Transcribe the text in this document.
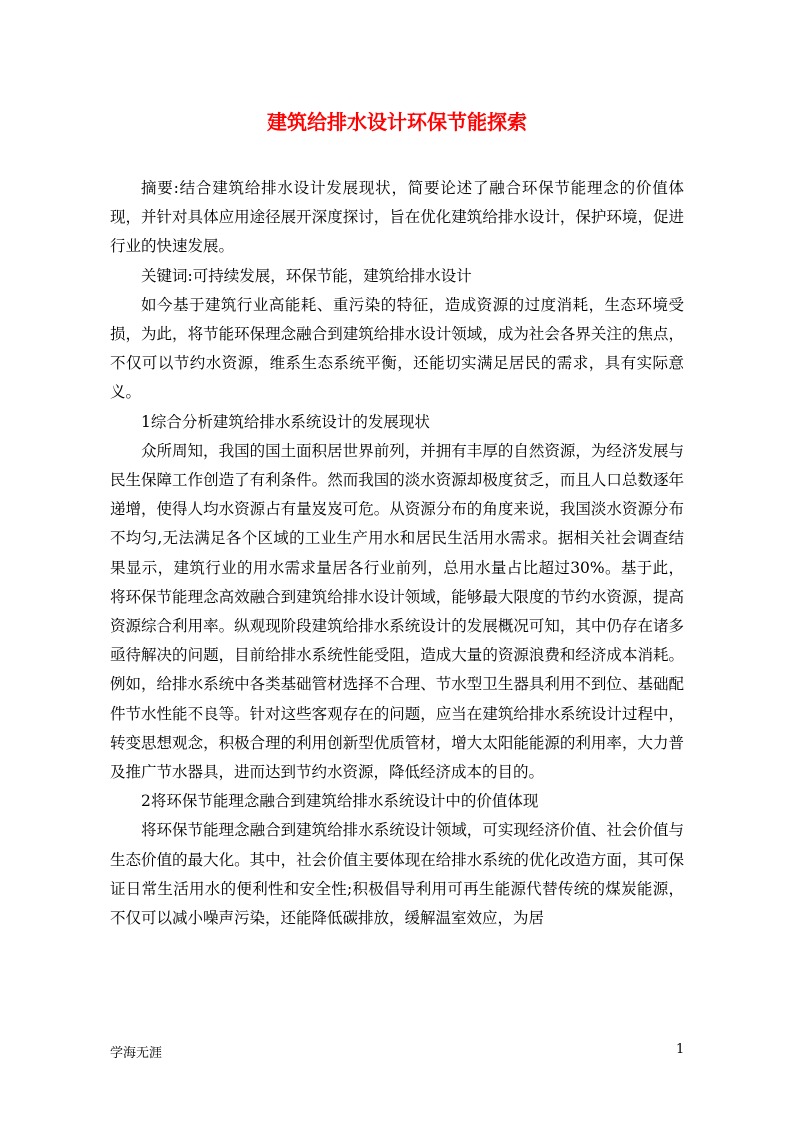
建筑给排水设计环保节能探索

摘要:结合建筑给排水设计发展现状，简要论述了融合环保节能理念的价值体现，并针对具体应用途径展开深度探讨，旨在优化建筑给排水设计，保护环境，促进行业的快速发展。

关键词:可持续发展，环保节能，建筑给排水设计

如今基于建筑行业高能耗、重污染的特征，造成资源的过度消耗，生态环境受损，为此，将节能环保理念融合到建筑给排水设计领域，成为社会各界关注的焦点，不仅可以节约水资源，维系生态系统平衡，还能切实满足居民的需求，具有实际意义。

1综合分析建筑给排水系统设计的发展现状

众所周知，我国的国土面积居世界前列，并拥有丰厚的自然资源，为经济发展与民生保障工作创造了有利条件。然而我国的淡水资源却极度贫乏，而且人口总数逐年递增，使得人均水资源占有量岌岌可危。从资源分布的角度来说，我国淡水资源分布不均匀,无法满足各个区域的工业生产用水和居民生活用水需求。据相关社会调查结果显示，建筑行业的用水需求量居各行业前列，总用水量占比超过30%。基于此，将环保节能理念高效融合到建筑给排水设计领域，能够最大限度的节约水资源，提高资源综合利用率。纵观现阶段建筑给排水系统设计的发展概况可知，其中仍存在诸多亟待解决的问题，目前给排水系统性能受阻，造成大量的资源浪费和经济成本消耗。例如，给排水系统中各类基础管材选择不合理、节水型卫生器具利用不到位、基础配件节水性能不良等。针对这些客观存在的问题，应当在建筑给排水系统设计过程中，转变思想观念，积极合理的利用创新型优质管材，增大太阳能能源的利用率，大力普及推广节水器具，进而达到节约水资源，降低经济成本的目的。

2将环保节能理念融合到建筑给排水系统设计中的价值体现

将环保节能理念融合到建筑给排水系统设计领域，可实现经济价值、社会价值与生态价值的最大化。其中，社会价值主要体现在给排水系统的优化改造方面，其可保证日常生活用水的便利性和安全性;积极倡导利用可再生能源代替传统的煤炭能源，不仅可以减小噪声污染，还能降低碳排放，缓解温室效应，为居

学海无涯	1
